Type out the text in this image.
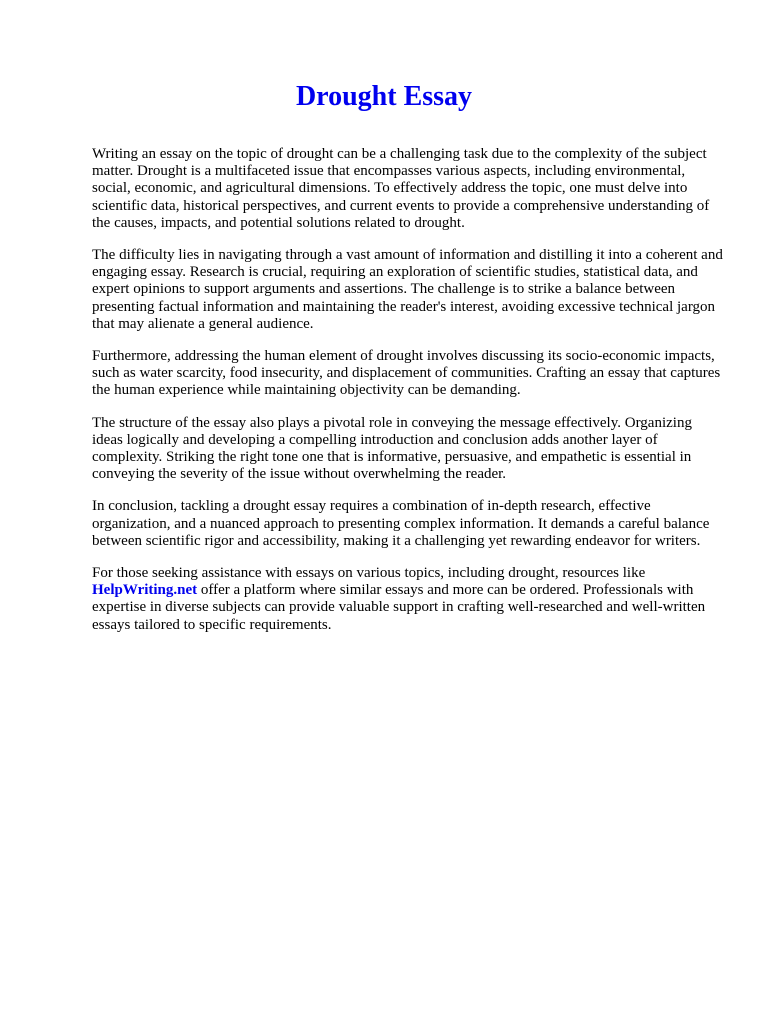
Drought Essay

Writing an essay on the topic of drought can be a challenging task due to the complexity of the subject matter. Drought is a multifaceted issue that encompasses various aspects, including environmental, social, economic, and agricultural dimensions. To effectively address the topic, one must delve into scientific data, historical perspectives, and current events to provide a comprehensive understanding of the causes, impacts, and potential solutions related to drought.

The difficulty lies in navigating through a vast amount of information and distilling it into a coherent and engaging essay. Research is crucial, requiring an exploration of scientific studies, statistical data, and expert opinions to support arguments and assertions. The challenge is to strike a balance between presenting factual information and maintaining the reader's interest, avoiding excessive technical jargon that may alienate a general audience.

Furthermore, addressing the human element of drought involves discussing its socio-economic impacts, such as water scarcity, food insecurity, and displacement of communities. Crafting an essay that captures the human experience while maintaining objectivity can be demanding.

The structure of the essay also plays a pivotal role in conveying the message effectively. Organizing ideas logically and developing a compelling introduction and conclusion adds another layer of complexity. Striking the right tone one that is informative, persuasive, and empathetic is essential in conveying the severity of the issue without overwhelming the reader.

In conclusion, tackling a drought essay requires a combination of in-depth research, effective organization, and a nuanced approach to presenting complex information. It demands a careful balance between scientific rigor and accessibility, making it a challenging yet rewarding endeavor for writers.

For those seeking assistance with essays on various topics, including drought, resources like HelpWriting.net offer a platform where similar essays and more can be ordered. Professionals with expertise in diverse subjects can provide valuable support in crafting well-researched and well-written essays tailored to specific requirements.
